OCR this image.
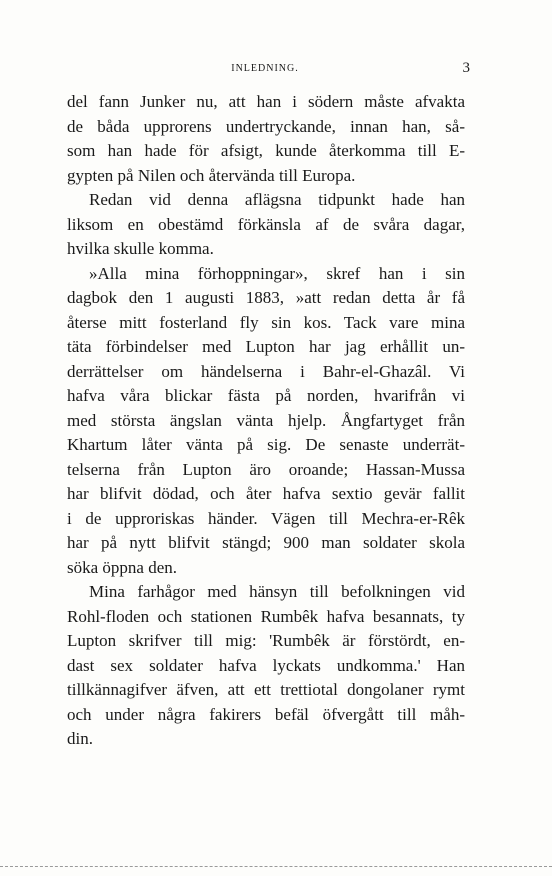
INLEDNING.	3
del fann Junker nu, att han i södern måste afvakta
de båda upprorens undertryckande, innan han, så-
som han hade för afsigt, kunde återkomma till E-
gypten på Nilen och återvända till Europa.
Redan vid denna aflägsna tidpunkt hade han
liksom en obestämd förkänsla af de svåra dagar,
hvilka skulle komma.
»Alla mina förhoppningar», skref han i sin
dagbok den 1 augusti 1883, »att redan detta år få
återse mitt fosterland fly sin kos. Tack vare mina
täta förbindelser med Lupton har jag erhållit un-
derrättelser om händelserna i Bahr-el-Ghazâl. Vi
hafva våra blickar fästa på norden, hvarifrån vi
med största ängslan vänta hjelp. Ångfartyget från
Khartum låter vänta på sig. De senaste underrät-
telserna från Lupton äro oroande; Hassan-Mussa
har blifvit dödad, och åter hafva sextio gevär fallit
i de upproriskas händer. Vägen till Mechra-er-Rêk
har på nytt blifvit stängd; 900 man soldater skola
söka öppna den.
Mina farhågor med hänsyn till befolkningen vid
Rohl-floden och stationen Rumbêk hafva besannats, ty
Lupton skrifver till mig: 'Rumbêk är förstördt, en-
dast sex soldater hafva lyckats undkomma.' Han
tillkännagifver äfven, att ett trettiotal dongolaner rymt
och under några fakirers befäl öfvergått till måh-
din.
